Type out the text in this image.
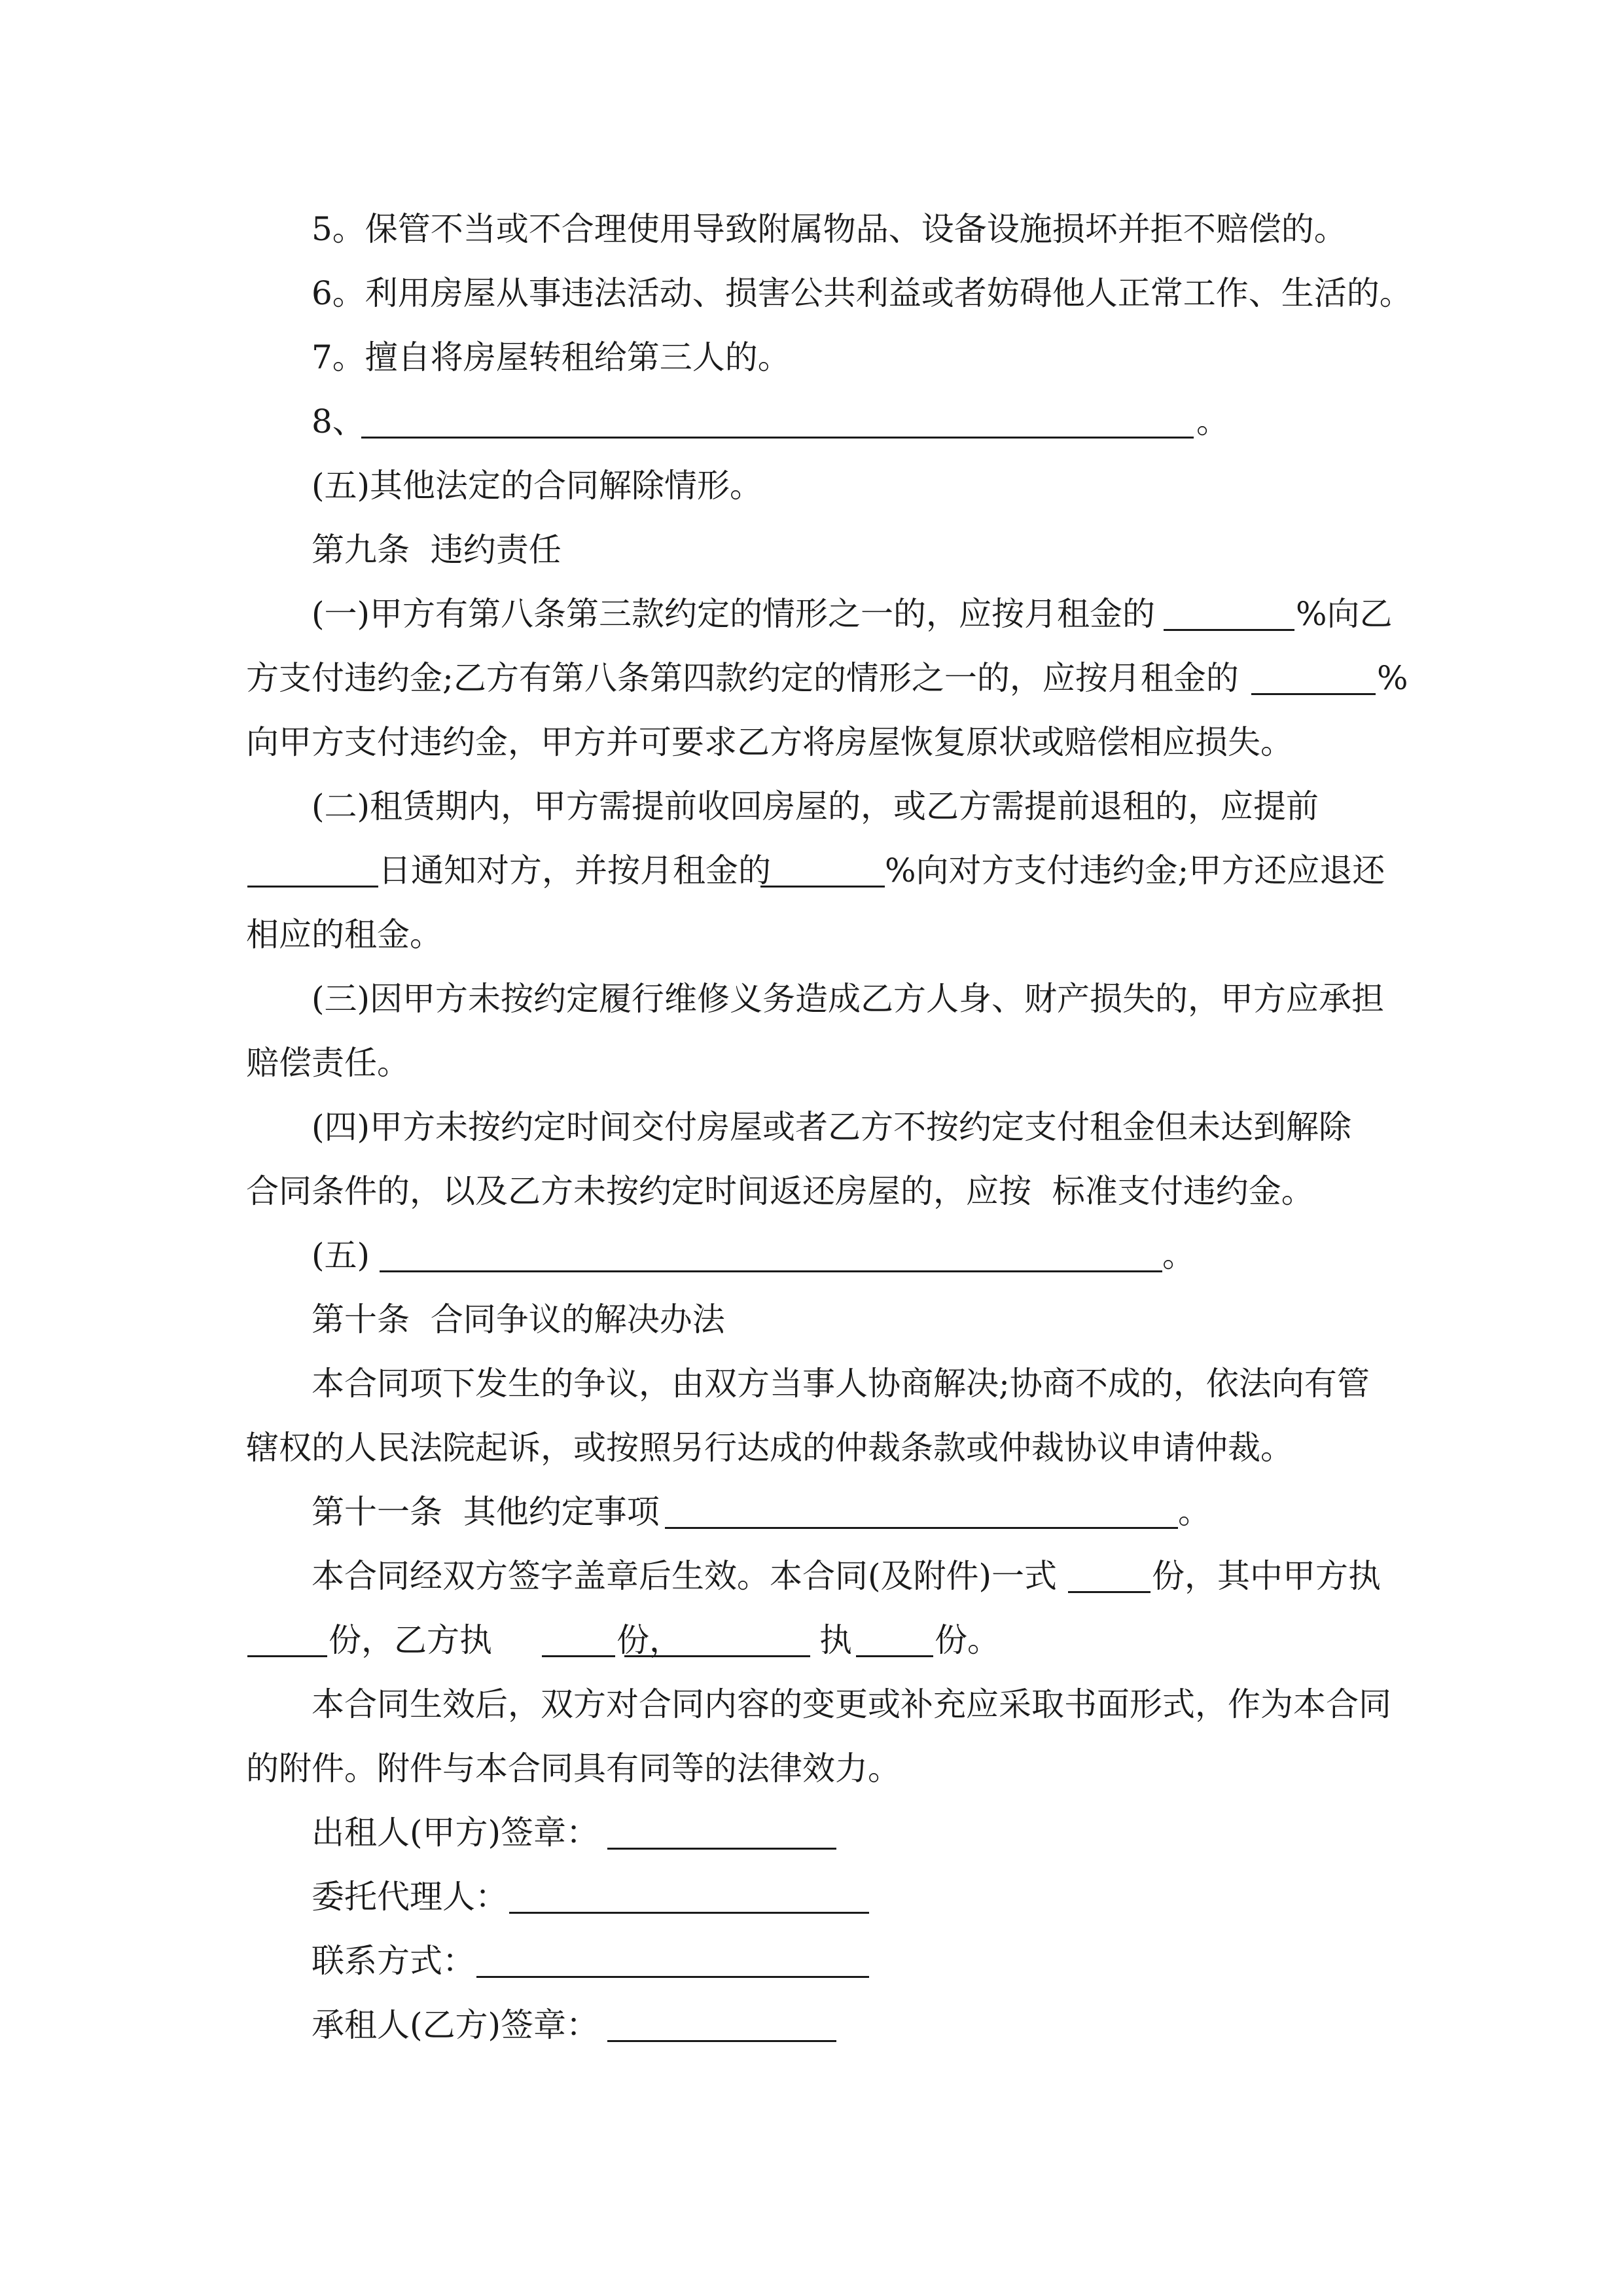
5。保管不当或不合理使用导致附属物品、设备设施损坏并拒不赔偿的。
6。利用房屋从事违法活动、损害公共利益或者妨碍他人正常工作、生活的。
7。擅自将房屋转租给第三人的。
8、	。
(五)其他法定的合同解除情形。
第九条  违约责任
(一)甲方有第八条第三款约定的情形之一的，应按月租金的	%向乙
方支付违约金;乙方有第八条第四款约定的情形之一的，应按月租金的	%
向甲方支付违约金，甲方并可要求乙方将房屋恢复原状或赔偿相应损失。
(二)租赁期内，甲方需提前收回房屋的，或乙方需提前退租的，应提前
日通知对方，并按月租金的	%向对方支付违约金;甲方还应退还
相应的租金。
(三)因甲方未按约定履行维修义务造成乙方人身、财产损失的，甲方应承担
赔偿责任。
(四)甲方未按约定时间交付房屋或者乙方不按约定支付租金但未达到解除
合同条件的，以及乙方未按约定时间返还房屋的，应按  标准支付违约金。
(五)	。
第十条  合同争议的解决办法
本合同项下发生的争议，由双方当事人协商解决;协商不成的，依法向有管
辖权的人民法院起诉，或按照另行达成的仲裁条款或仲裁协议申请仲裁。
第十一条  其他约定事项	。
本合同经双方签字盖章后生效。本合同(及附件)一式	份，其中甲方执
份，乙方执	份，	执	份。
本合同生效后，双方对合同内容的变更或补充应采取书面形式，作为本合同
的附件。附件与本合同具有同等的法律效力。
出租人(甲方)签章：
委托代理人：
联系方式：
承租人(乙方)签章：
